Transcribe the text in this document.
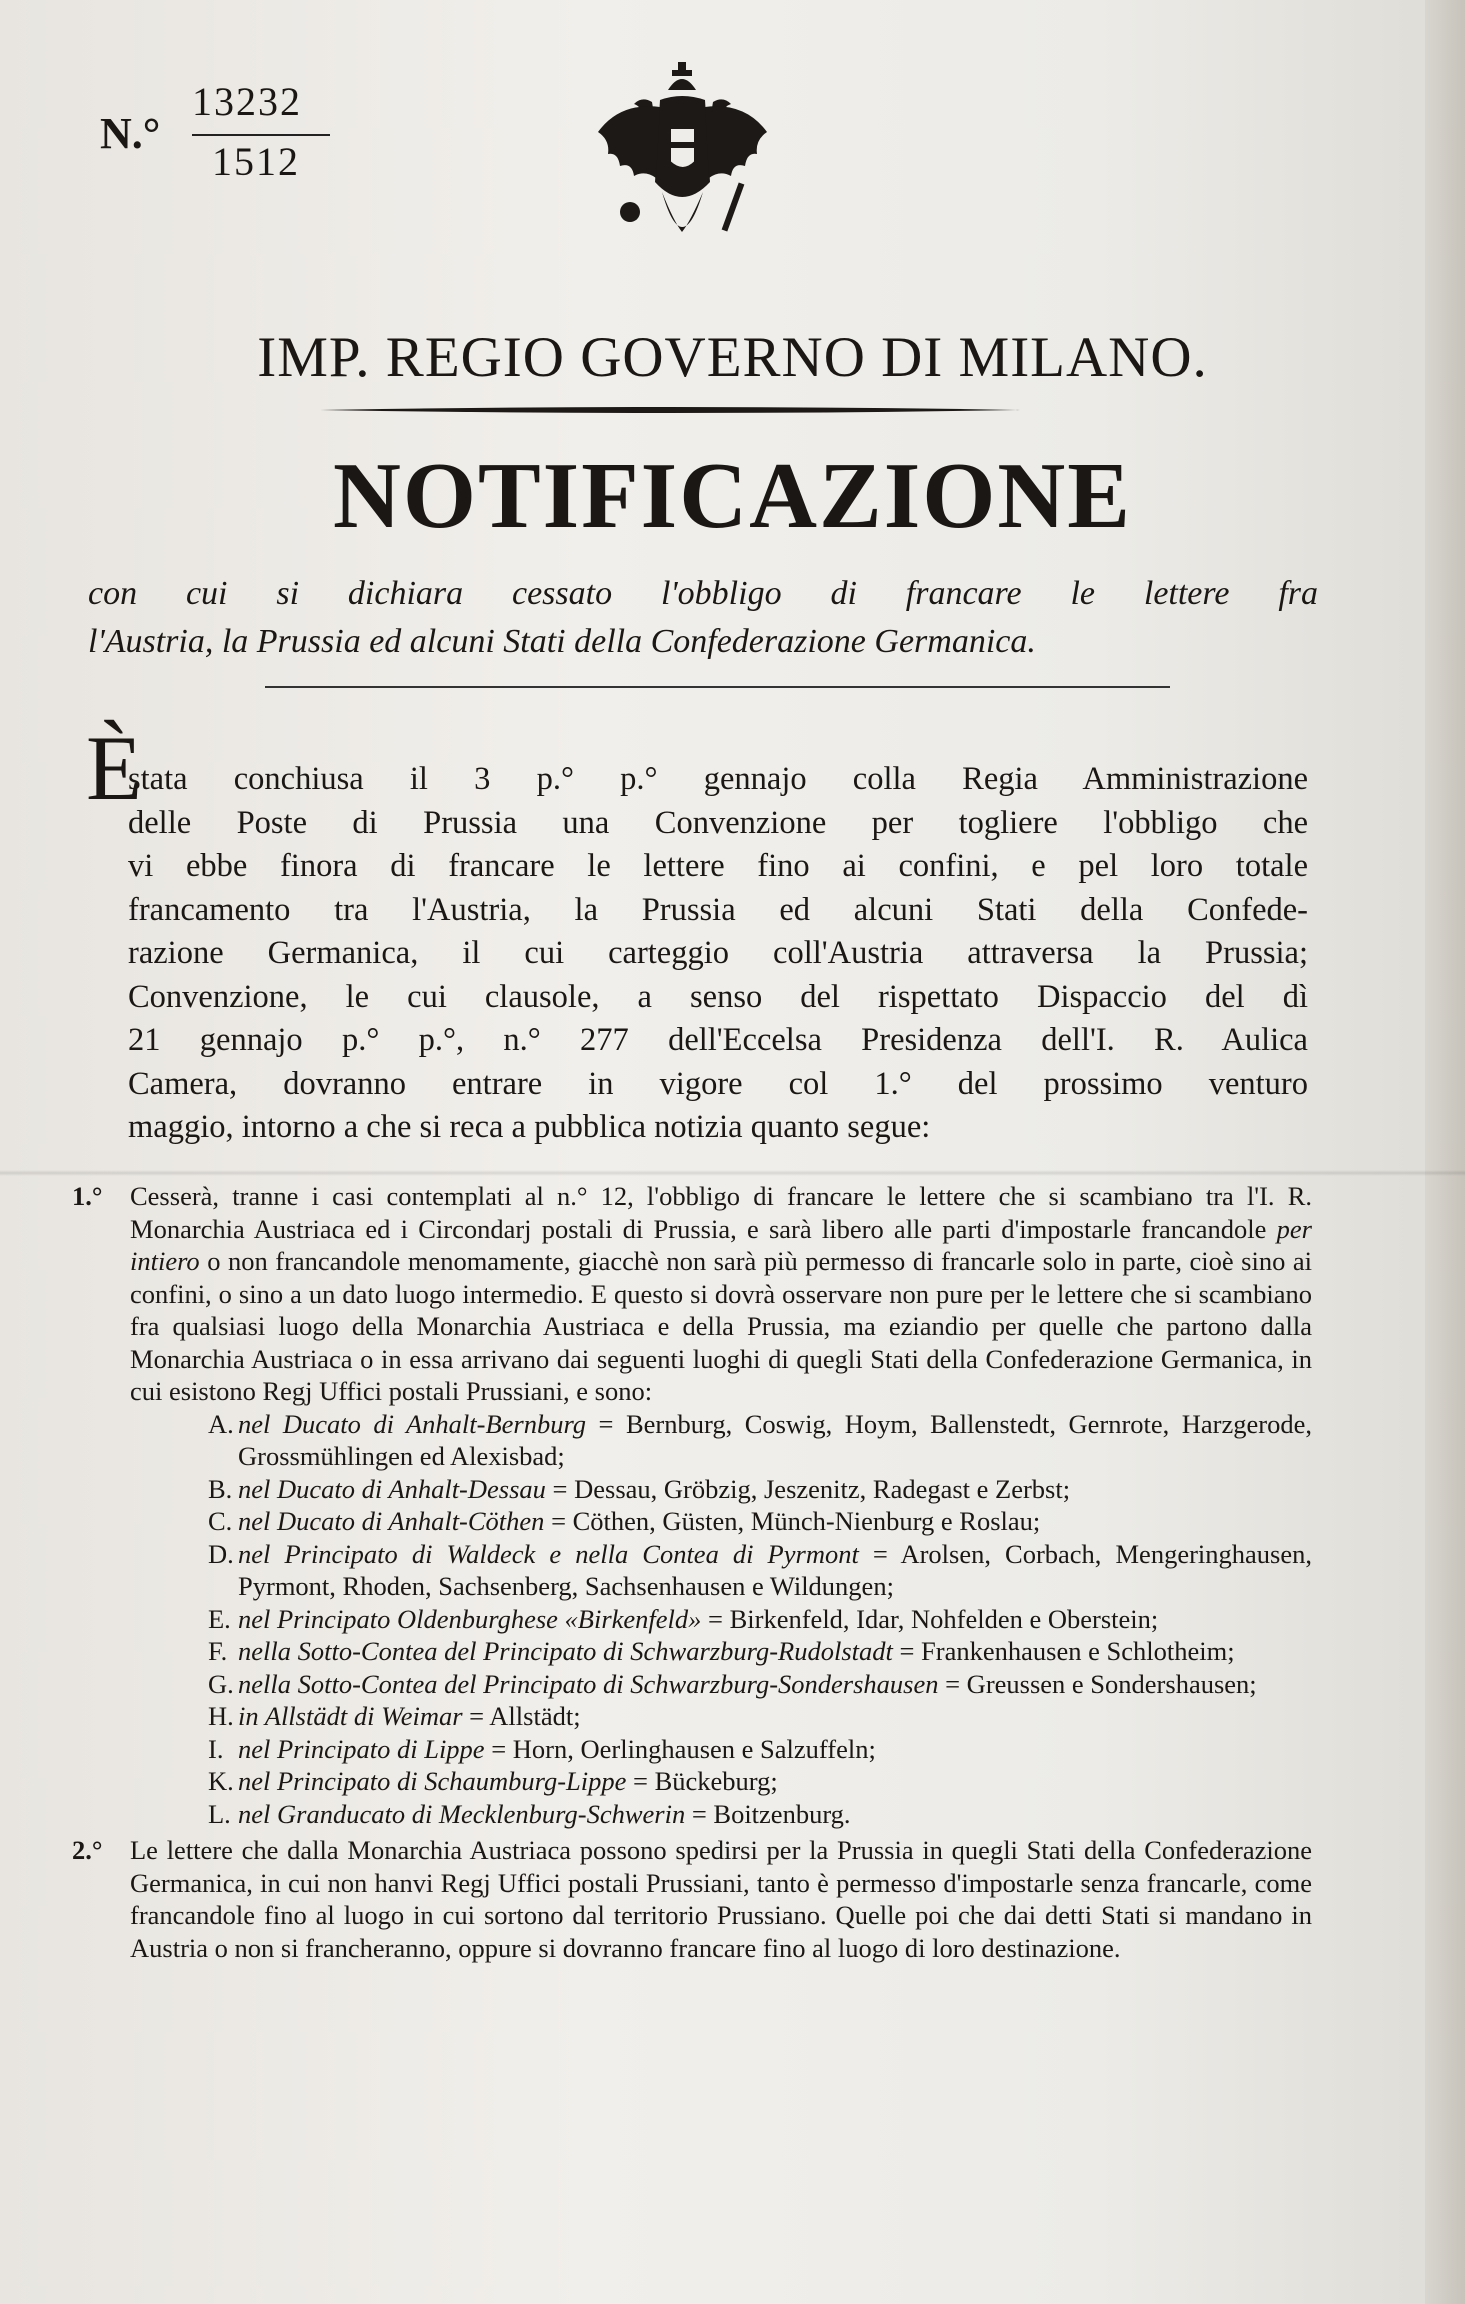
N.°
13232
1512
IMP. REGIO GOVERNO DI MILANO.
NOTIFICAZIONE
con cui si dichiara cessato l'obbligo di francare le lettere fra
l'Austria, la Prussia ed alcuni Stati della Confederazione Germanica.
È
stata conchiusa il 3 p.° p.° gennajo colla Regia Amministrazione
delle Poste di Prussia una Convenzione per togliere l'obbligo che
vi ebbe finora di francare le lettere fino ai confini, e pel loro totale
francamento tra l'Austria, la Prussia ed alcuni Stati della Confede-
razione Germanica, il cui carteggio coll'Austria attraversa la Prussia;
Convenzione, le cui clausole, a senso del rispettato Dispaccio del dì
21 gennajo p.° p.°, n.° 277 dell'Eccelsa Presidenza dell'I. R. Aulica
Camera, dovranno entrare in vigore col 1.° del prossimo venturo
maggio, intorno a che si reca a pubblica notizia quanto segue:
1.° Cesserà, tranne i casi contemplati al n.° 12, l'obbligo di francare le lettere che si scambiano tra l'I. R. Monarchia Austriaca ed i Circondarj postali di Prussia, e sarà libero alle parti d'impostarle francandole per intiero o non francandole menomamente, giacchè non sarà più permesso di francarle solo in parte, cioè sino ai confini, o sino a un dato luogo intermedio. E questo si dovrà osservare non pure per le lettere che si scambiano fra qualsiasi luogo della Monarchia Austriaca e della Prussia, ma eziandio per quelle che partono dalla Monarchia Austriaca o in essa arrivano dai seguenti luoghi di quegli Stati della Confederazione Germanica, in cui esistono Regj Uffici postali Prussiani, e sono:
A. nel Ducato di Anhalt-Bernburg = Bernburg, Coswig, Hoym, Ballenstedt, Gernrote, Harzgerode, Grossmühlingen ed Alexisbad;
B. nel Ducato di Anhalt-Dessau = Dessau, Gröbzig, Jeszenitz, Radegast e Zerbst;
C. nel Ducato di Anhalt-Cöthen = Cöthen, Güsten, Münch-Nienburg e Roslau;
D. nel Principato di Waldeck e nella Contea di Pyrmont = Arolsen, Corbach, Mengeringhausen, Pyrmont, Rhoden, Sachsenberg, Sachsenhausen e Wildungen;
E. nel Principato Oldenburghese «Birkenfeld» = Birkenfeld, Idar, Nohfelden e Oberstein;
F. nella Sotto-Contea del Principato di Schwarzburg-Rudolstadt = Frankenhausen e Schlotheim;
G. nella Sotto-Contea del Principato di Schwarzburg-Sondershausen = Greussen e Sondershausen;
H. in Allstädt di Weimar = Allstädt;
I. nel Principato di Lippe = Horn, Oerlinghausen e Salzuffeln;
K. nel Principato di Schaumburg-Lippe = Bückeburg;
L. nel Granducato di Mecklenburg-Schwerin = Boitzenburg.
2.° Le lettere che dalla Monarchia Austriaca possono spedirsi per la Prussia in quegli Stati della Confederazione Germanica, in cui non hanvi Regj Uffici postali Prussiani, tanto è permesso d'impostarle senza francarle, come francandole fino al luogo in cui sortono dal territorio Prussiano. Quelle poi che dai detti Stati si mandano in Austria o non si francheranno, oppure si dovranno francare fino al luogo di loro destinazione.
